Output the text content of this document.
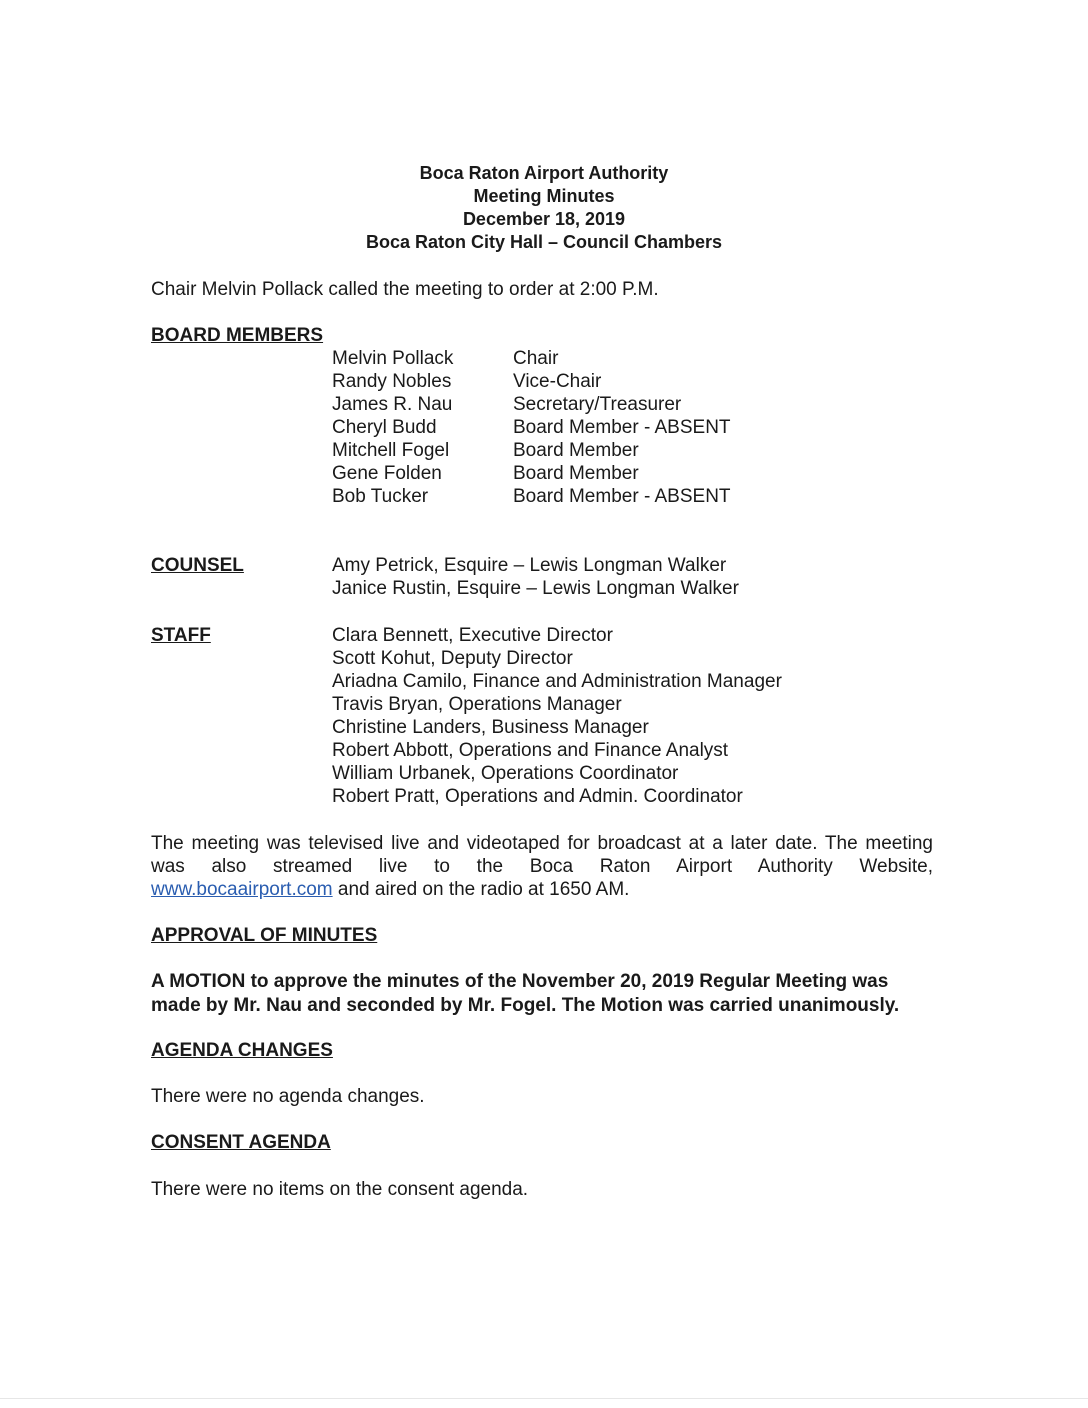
Boca Raton Airport Authority
Meeting Minutes
December 18, 2019
Boca Raton City Hall – Council Chambers
Chair Melvin Pollack called the meeting to order at 2:00 P.M.
BOARD MEMBERS
Melvin Pollack	Chair
Randy Nobles	Vice-Chair
James R. Nau	Secretary/Treasurer
Cheryl Budd	Board Member - ABSENT
Mitchell Fogel	Board Member
Gene Folden	Board Member
Bob Tucker	Board Member - ABSENT
COUNSEL	Amy Petrick, Esquire – Lewis Longman Walker
Janice Rustin, Esquire – Lewis Longman Walker
STAFF	Clara Bennett, Executive Director
Scott Kohut, Deputy Director
Ariadna Camilo, Finance and Administration Manager
Travis Bryan, Operations Manager
Christine Landers, Business Manager
Robert Abbott, Operations and Finance Analyst
William Urbanek, Operations Coordinator
Robert Pratt, Operations and Admin. Coordinator
The meeting was televised live and videotaped for broadcast at a later date. The meeting
was also streamed live to the Boca Raton Airport Authority Website,
www.bocaairport.com and aired on the radio at 1650 AM.
APPROVAL OF MINUTES
A MOTION to approve the minutes of the November 20, 2019 Regular Meeting was
made by Mr. Nau and seconded by Mr. Fogel. The Motion was carried unanimously.
AGENDA CHANGES
There were no agenda changes.
CONSENT AGENDA
There were no items on the consent agenda.
